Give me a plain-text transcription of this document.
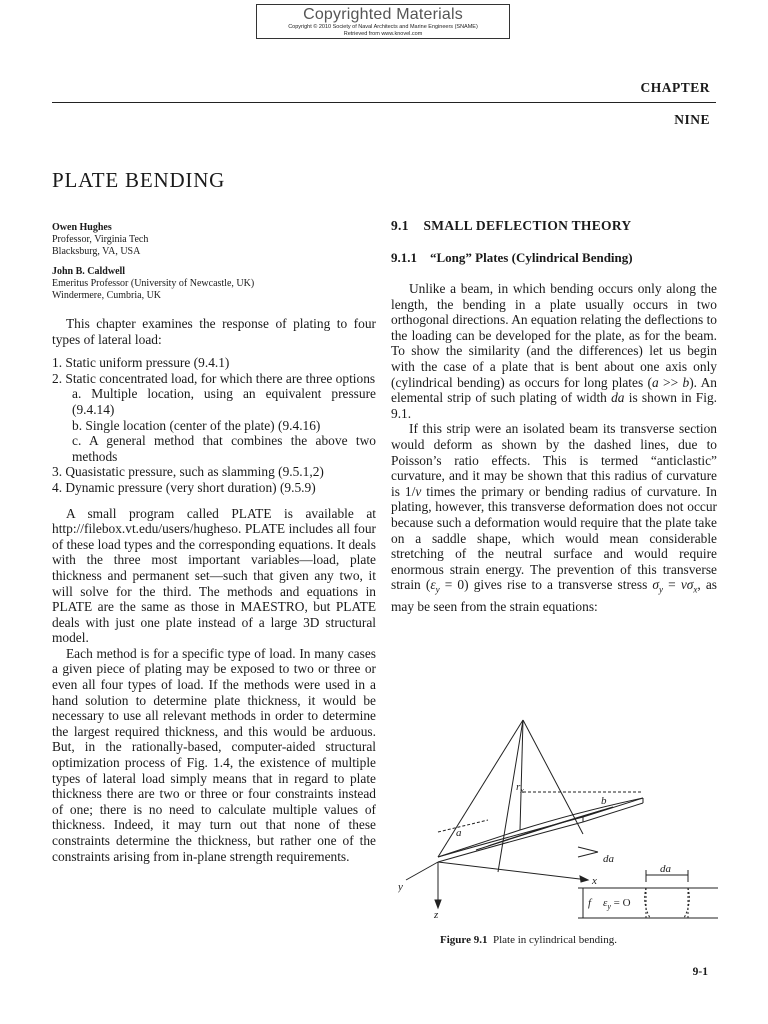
Copyrighted Materials
Copyright © 2010 Society of Naval Architects and Marine Engineers (SNAME)
Retrieved from www.knovel.com
CHAPTER
NINE
PLATE BENDING
Owen Hughes
Professor, Virginia Tech
Blacksburg, VA, USA
John B. Caldwell
Emeritus Professor (University of Newcastle, UK)
Windermere, Cumbria, UK

This chapter examines the response of plating to four types of lateral load:

1. Static uniform pressure (9.4.1)
2. Static concentrated load, for which there are three options
a. Multiple location, using an equivalent pressure (9.4.14)
b. Single location (center of the plate) (9.4.16)
c. A general method that combines the above two methods
3. Quasistatic pressure, such as slamming (9.5.1,2)
4. Dynamic pressure (very short duration) (9.5.9)

A small program called PLATE is available at http://filebox.vt.edu/users/hugheso. PLATE includes all four of these load types and the corresponding equations. It deals with the three most important variables—load, plate thickness and permanent set—such that given any two, it will solve for the third. The methods and equations in PLATE are the same as those in MAESTRO, but PLATE deals with just one plate instead of a large 3D structural model.

Each method is for a specific type of load. In many cases a given piece of plating may be exposed to two or three or even all four types of load. If the methods were used in a hand solution to determine plate thickness, it would be necessary to use all relevant methods in order to determine the largest required thickness, and this would be arduous. But, in the rationally-based, computer-aided structural optimization process of Fig. 1.4, the existence of multiple types of lateral load simply means that in regard to plate thickness there are two or three or four constraints instead of one; there is no need to calculate multiple values of thickness. Indeed, it may turn out that none of these constraints determine the thickness, but rather one of the constraints arising from in-plane strength requirements.

9.1    SMALL DEFLECTION THEORY
9.1.1    “Long” Plates (Cylindrical Bending)

Unlike a beam, in which bending occurs only along the length, the bending in a plate usually occurs in two orthogonal directions. An equation relating the deflections to the loading can be developed for the plate, as for the beam. To show the similarity (and the differences) let us begin with the case of a plate that is bent about one axis only (cylindrical bending) as occurs for long plates (a >> b). An elemental strip of such plating of width da is shown in Fig. 9.1.

If this strip were an isolated beam its transverse section would deform as shown by the dashed lines, due to Poisson’s ratio effects. This is termed “anticlastic” curvature, and it may be shown that this radius of curvature is 1/ν times the primary or bending radius of curvature. In plating, however, this transverse deformation does not occur because such a deformation would require that the plate take on a saddle shape, which would mean considerable stretching of the neutral surface and would require enormous strain energy. The prevention of this transverse strain $(\varepsilon_y = 0)$ gives rise to a transverse stress $\sigma_y = \nu\sigma_x$, as may be seen from the strain equations:

$r_x$
b
a
da
da
x
y
z
f $\varepsilon_y = O$
Figure 9.1  Plate in cylindrical bending.
9-1
